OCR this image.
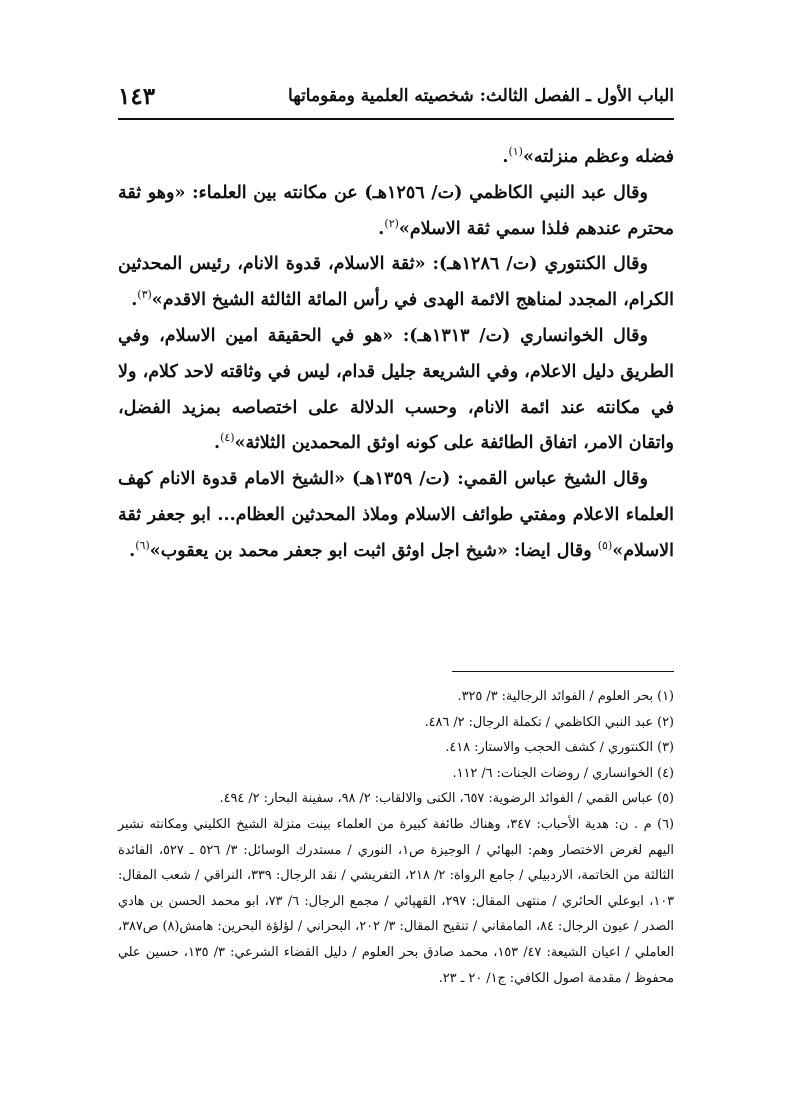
الباب الأول ـ الفصل الثالث: شخصيته العلمية ومقوماتها
١٤٣

فضله وعظم منزلته»$^{(١)}$.

وقال عبد النبي الكاظمي (ت/ ١٢٥٦هـ) عن مكانته بين العلماء: «وهو ثقة محترم عندهم فلذا سمي ثقة الاسلام»$^{(٢)}$.

وقال الكنتوري (ت/ ١٢٨٦هـ): «ثقة الاسلام، قدوة الانام، رئيس المحدثين الكرام، المجدد لمناهج الائمة الهدى في رأس المائة الثالثة الشيخ الاقدم»$^{(٣)}$.

وقال الخوانساري (ت/ ١٣١٣هـ): «هو في الحقيقة امين الاسلام، وفي الطريق دليل الاعلام، وفي الشريعة جليل قدام، ليس في وثاقته لاحد كلام، ولا في مكانته عند ائمة الانام، وحسب الدلالة على اختصاصه بمزيد الفضل، واتقان الامر، اتفاق الطائفة على كونه اوثق المحمدين الثلاثة»$^{(٤)}$.

وقال الشيخ عباس القمي: (ت/ ١٣٥٩هـ) «الشيخ الامام قدوة الانام كهف العلماء الاعلام ومفتي طوائف الاسلام وملاذ المحدثين العظام... ابو جعفر ثقة الاسلام»$^{(٥)}$ وقال ايضا: «شيخ اجل اوثق اثبت ابو جعفر محمد بن يعقوب»$^{(٦)}$.

(١) بحر العلوم / الفوائد الرجالية: ٣/ ٣٢٥.

(٢) عبد النبي الكاظمي / تكملة الرجال: ٢/ ٤٨٦.

(٣) الكنتوري / كشف الحجب والاستار: ٤١٨.

(٤) الخوانساري / روضات الجنات: ٦/ ١١٢.

(٥) عباس القمي / الفوائد الرضوية: ٦٥٧، الكنى والالقاب: ٢/ ٩٨، سفينة البحار: ٢/ ٤٩٤.

(٦) م . ن: هدية الأحباب: ٣٤٧، وهناك طائفة كبيرة من العلماء بينت منزلة الشيخ الكليني ومكانته نشير اليهم لغرض الاختصار وهم: البهائي / الوجيزة ص١، النوري / مستدرك الوسائل: ٣/ ٥٢٦ ـ ٥٢٧، الفائدة الثالثة من الخاتمة، الاردبيلي / جامع الرواة: ٢/ ٢١٨، التفريشي / نقد الرجال: ٣٣٩، النراقي / شعب المقال: ١٠٣، ابوعلي الحائري / منتهى المقال: ٢٩٧، القهپائي / مجمع الرجال: ٦/ ٧٣، ابو محمد الحسن بن هادي الصدر / عيون الرجال: ٨٤، المامقاني / تنقيح المقال: ٣/ ٢٠٢، البحراني / لؤلؤة البحرين: هامش(٨) ص٣٨٧، العاملي / اعيان الشيعة: ٤٧/ ١٥٣، محمد صادق بحر العلوم / دليل القضاء الشرعي: ٣/ ١٣٥، حسين علي محفوظ / مقدمة اصول الكافي: ج١/ ٢٠ ـ ٢٣.
